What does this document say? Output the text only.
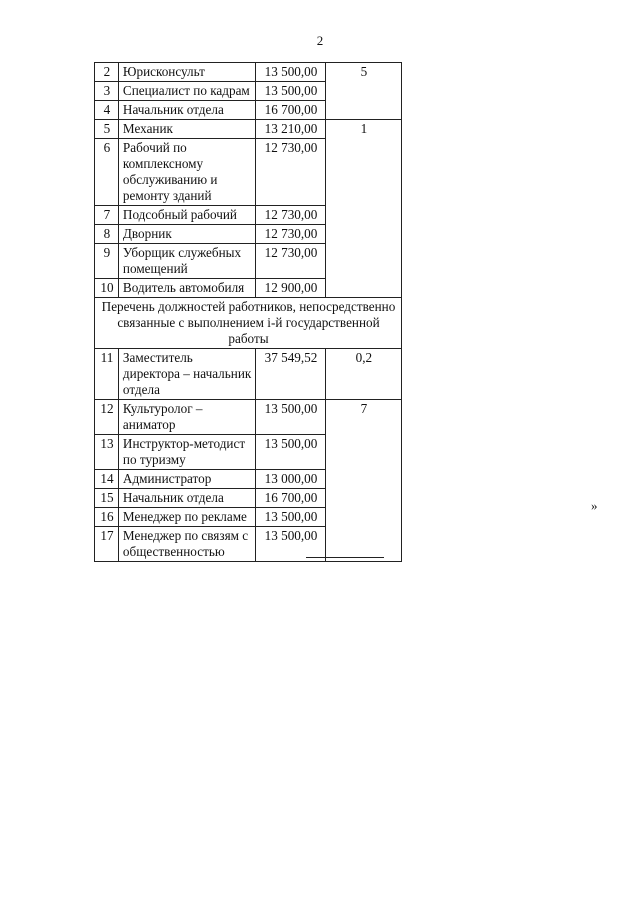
2
2	Юрисконсульт	13 500,00	5
3	Специалист по кадрам	13 500,00	
4	Начальник отдела	16 700,00	
5	Механик	13 210,00	1
6	Рабочий по комплексному обслуживанию и ремонту зданий	12 730,00	
7	Подсобный рабочий	12 730,00	
8	Дворник	12 730,00	
9	Уборщик служебных помещений	12 730,00	
10	Водитель автомобиля	12 900,00	
Перечень должностей работников, непосредственно связанные с выполнением i-й государственной работы			
11	Заместитель директора – начальник отдела	37 549,52	0,2
12	Культуролог – аниматор	13 500,00	7
13	Инструктор-методист по туризму	13 500,00	
14	Администратор	13 000,00	
15	Начальник отдела	16 700,00	
16	Менеджер по рекламе	13 500,00	
17	Менеджер по связям с общественностью	13 500,00	
»
